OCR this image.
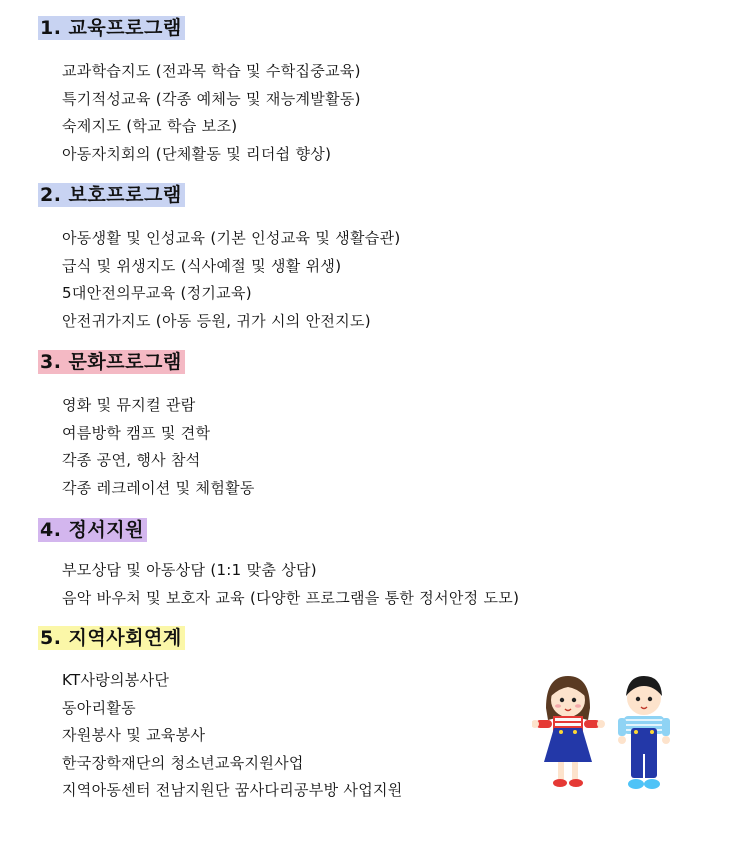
1. 교육프로그램
교과학습지도 (전과목 학습 및 수학집중교육)
특기적성교육 (각종 예체능 및 재능계발활동)
숙제지도 (학교 학습 보조)
아동자치회의 (단체활동 및 리더쉽 향상)
2. 보호프로그램
아동생활 및 인성교육 (기본 인성교육 및 생활습관)
급식 및 위생지도 (식사예절 및 생활 위생)
5대안전의무교육 (정기교육)
안전귀가지도 (아동 등원, 귀가 시의 안전지도)
3. 문화프로그램
영화 및 뮤지컬 관람
여름방학 캠프 및 견학
각종 공연, 행사 참석
각종 레크레이션 및 체험활동
4. 정서지원
부모상담 및 아동상담 (1:1 맞춤 상담)
음악 바우처 및 보호자 교육 (다양한 프로그램을 통한 정서안정 도모)
5. 지역사회연계
KT사랑의봉사단
동아리활동
자원봉사 및 교육봉사
한국장학재단의 청소년교육지원사업
지역아동센터 전남지원단 꿈사다리공부방 사업지원
